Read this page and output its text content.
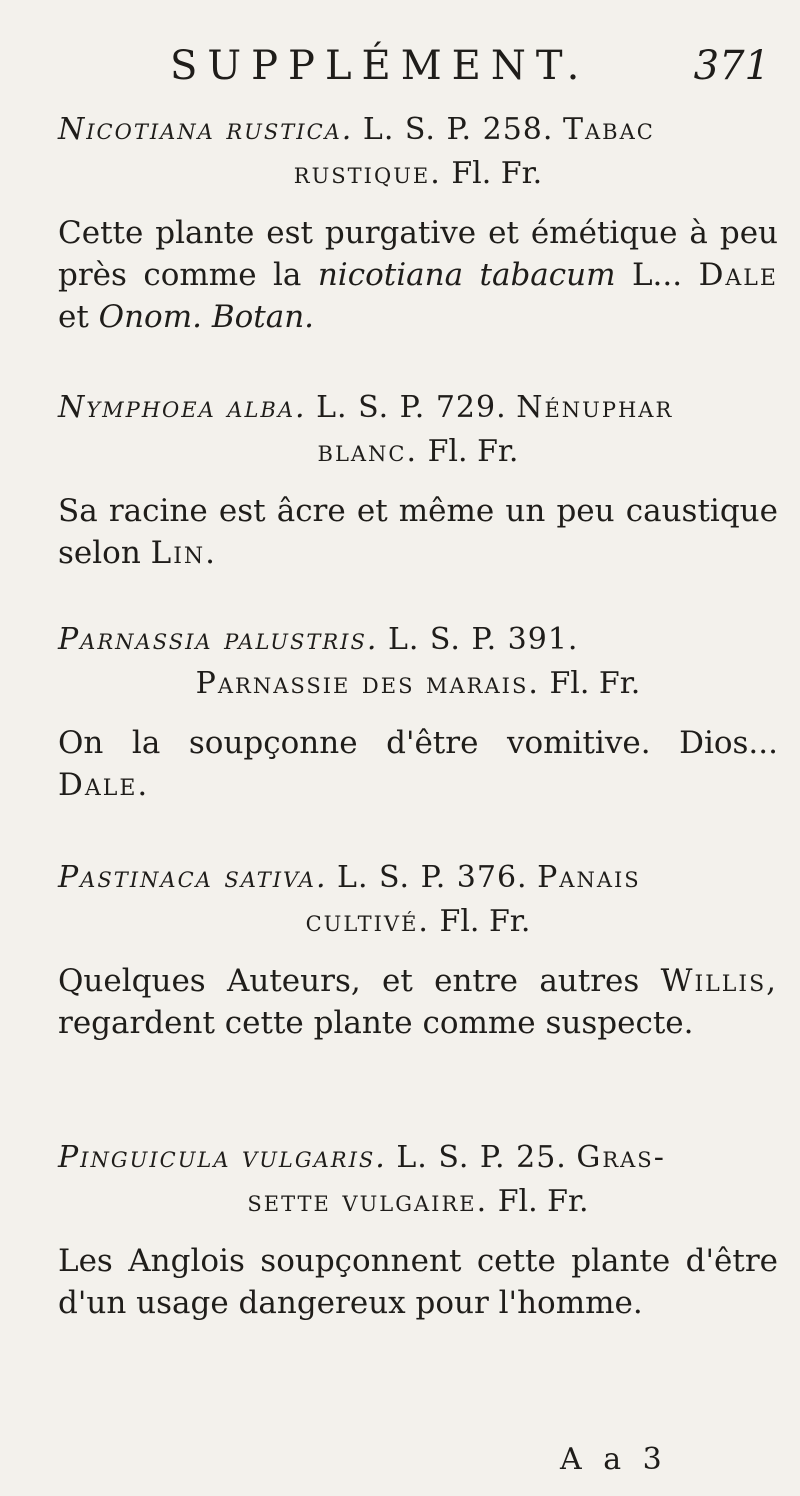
SUPPLÉMENT.	371
Nicotiana rustica. L. S. P. 258. Tabac
rustique. Fl. Fr.
Cette plante est purgative et émétique à peu près comme la nicotiana tabacum L... Dale et Onom. Botan.
Nymphoea alba. L. S. P. 729. Nénuphar
blanc. Fl. Fr.
Sa racine est âcre et même un peu caustique selon Lin.
Parnassia palustris. L. S. P. 391.
Parnassie des marais. Fl. Fr.
On la soupçonne d'être vomitive. Dios... Dale.
Pastinaca sativa. L. S. P. 376. Panais
cultivé. Fl. Fr.
Quelques Auteurs, et entre autres Willis, regardent cette plante comme suspecte.
Pinguicula vulgaris. L. S. P. 25. Gras-
sette vulgaire. Fl. Fr.
Les Anglois soupçonnent cette plante d'être d'un usage dangereux pour l'homme.
A a 3
